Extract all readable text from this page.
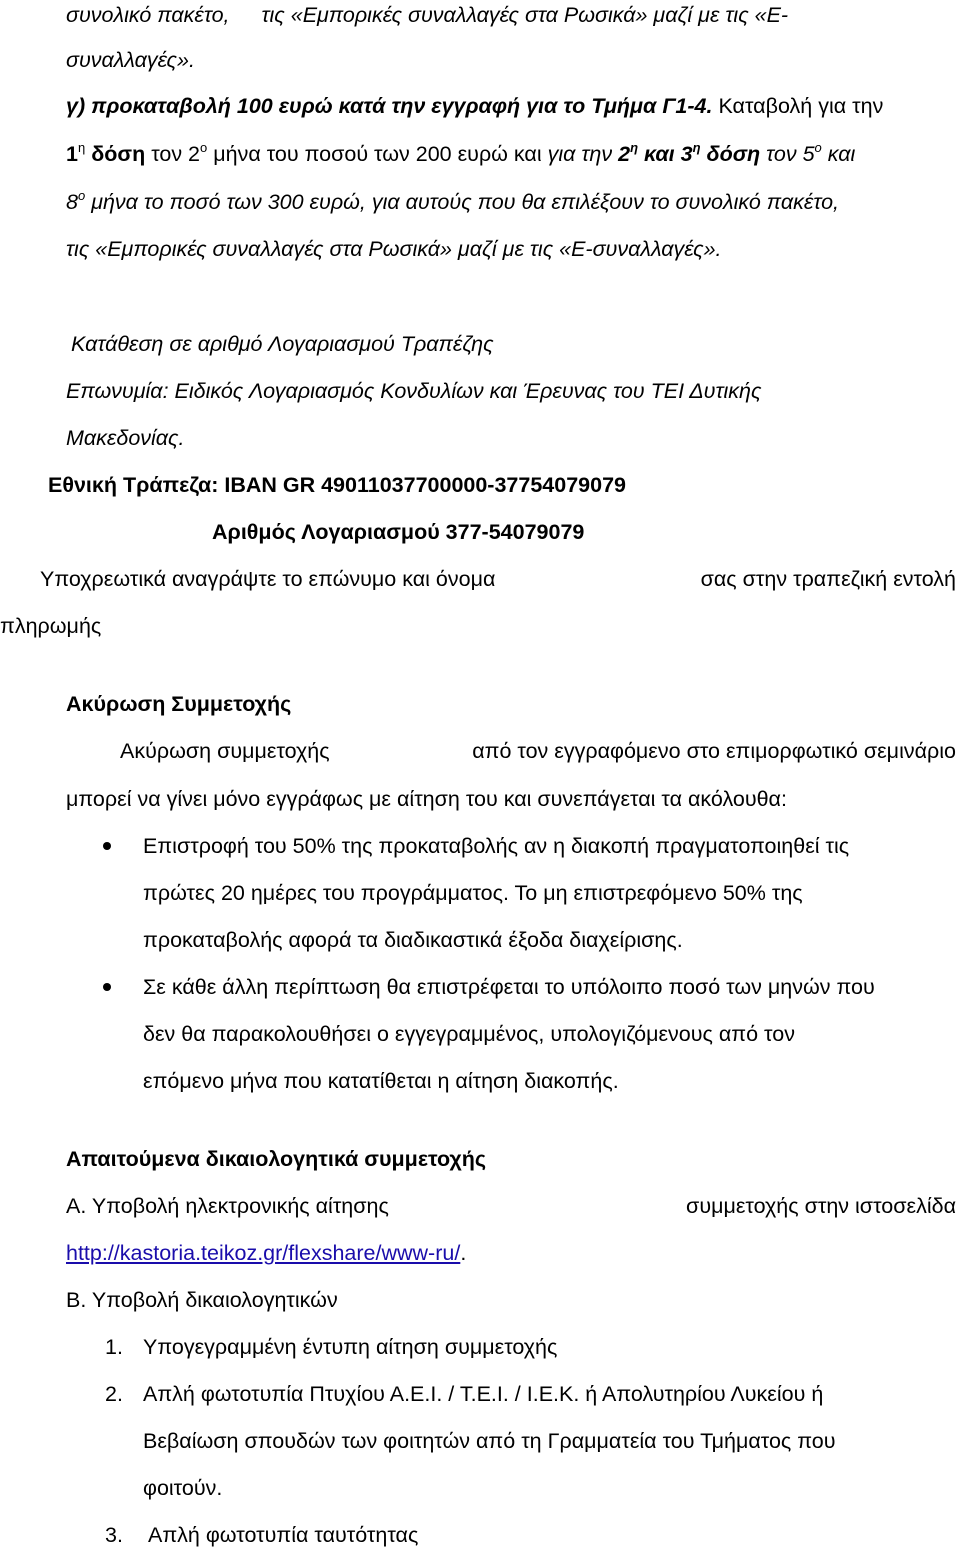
συνολικό πακέτο, τις «Εμπορικές συναλλαγές στα Ρωσικά» μαζί με τις «Ε-
συναλλαγές».
γ) προκαταβολή 100 ευρώ κατά την εγγραφή για το Τμήμα Γ1-4. Καταβολή για την
$1^\eta$ δόση τον $2^o$ μήνα του ποσού των 200 ευρώ και για την $2^\eta$ και $3^\eta$ δόση τον $5^o$ και
$8^o$ μήνα το ποσό των 300 ευρώ, για αυτούς που θα επιλέξουν το συνολικό πακέτο,
τις «Εμπορικές συναλλαγές στα Ρωσικά» μαζί με τις «Ε-συναλλαγές».
Κατάθεση σε αριθμό Λογαριασμού Τραπέζης
Επωνυμία: Ειδικός Λογαριασμός Κονδυλίων και Έρευνας του ΤΕΙ Δυτικής
Μακεδονίας.
Εθνική Τράπεζα: IBAN GR 49011037700000-37754079079
Αριθμός Λογαριασμού 377-54079079
Υποχρεωτικά αναγράψτε το επώνυμο και όνομα	σας στην τραπεζική εντολή
πληρωμής
Ακύρωση Συμμετοχής
Ακύρωση συμμετοχής	από τον εγγραφόμενο στο επιμορφωτικό σεμινάριο
μπορεί να γίνει μόνο εγγράφως με αίτηση του και συνεπάγεται τα ακόλουθα:
Επιστροφή του 50% της προκαταβολής αν η διακοπή πραγματοποιηθεί τις
πρώτες 20 ημέρες του προγράμματος. Το μη επιστρεφόμενο 50% της
προκαταβολής αφορά τα διαδικαστικά έξοδα διαχείρισης.
Σε κάθε άλλη περίπτωση θα επιστρέφεται το υπόλοιπο ποσό των μηνών που
δεν θα παρακολουθήσει ο εγγεγραμμένος, υπολογιζόμενους από τον
επόμενο μήνα που κατατίθεται η αίτηση διακοπής.
Απαιτούμενα δικαιολογητικά συμμετοχής
Α. Υποβολή ηλεκτρονικής αίτησης	συμμετοχής στην ιστοσελίδα
http://kastoria.teikoz.gr/flexshare/www-ru/.
Β. Υποβολή δικαιολογητικών
1. Υπογεγραμμένη έντυπη αίτηση συμμετοχής
2. Απλή φωτοτυπία Πτυχίου Α.Ε.Ι. / Τ.Ε.Ι. / Ι.Ε.Κ. ή Απολυτηρίου Λυκείου ή
Βεβαίωση σπουδών των φοιτητών από τη Γραμματεία του Τμήματος που
φοιτούν.
3. Απλή φωτοτυπία ταυτότητας
